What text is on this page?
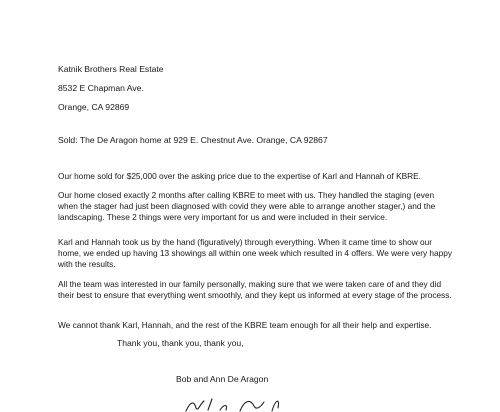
Katnik Brothers Real Estate
8532 E Chapman Ave.
Orange, CA 92869
Sold: The De Aragon home at 929 E. Chestnut Ave. Orange, CA 92867
Our home sold for $25,000 over the asking price due to the expertise of Karl and Hannah of KBRE.
Our home closed exactly 2 months after calling KBRE to meet with us. They handled the staging (even when the stager had just been diagnosed with covid they were able to arrange another stager,) and the landscaping. These 2 things were very important for us and were included in their service.
Karl and Hannah took us by the hand (figuratively) through everything. When it came time to show our home, we ended up having 13 showings all within one week which resulted in 4 offers. We were very happy with the results.
All the team was interested in our family personally, making sure that we were taken care of and they did their best to ensure that everything went smoothly, and they kept us informed at every stage of the process.
We cannot thank Karl, Hannah, and the rest of the KBRE team enough for all their help and expertise.
Thank you, thank you, thank you,
Bob and Ann De Aragon
